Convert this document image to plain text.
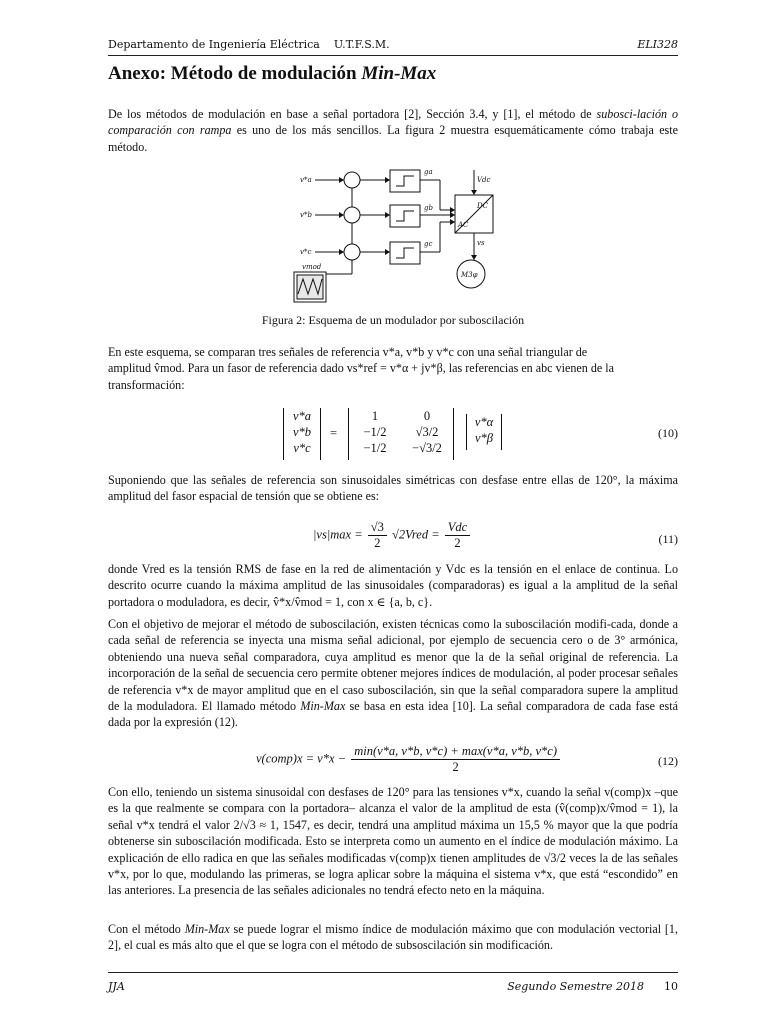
Departamento de Ingeniería Eléctrica    U.T.F.S.M.	ELI328
Anexo: Método de modulación Min-Max
De los métodos de modulación en base a señal portadora [2], Sección 3.4, y [1], el método de subosci-lación o comparación con rampa es uno de los más sencillos. La figura 2 muestra esquemáticamente cómo trabaja este método.
v*a
v*b
v*c
ga
gb
gc
vmod
Vdc
DC
AC
vs
M3φ
Figura 2: Esquema de un modulador por suboscilación
En este esquema, se comparan tres señales de referencia v*a, v*b y v*c con una señal triangular de
amplitud v̂mod. Para un fasor de referencia dado vs*ref = v*α + jv*β, las referencias en abc vienen de la
transformación:
v*a
v*b
v*c
=
1	0
−1/2	√3/2
−1/2	−√3/2
v*α
v*β	(10)
Suponiendo que las señales de referencia son sinusoidales simétricas con desfase entre ellas de 120°, la máxima amplitud del fasor espacial de tensión que se obtiene es:
$|vs|\max = \frac{√3}{2}$ √2Vred = $\frac{\text{Vdc}}{2}$	(11)
donde Vred es la tensión RMS de fase en la red de alimentación y Vdc es la tensión en el enlace de continua. Lo descrito ocurre cuando la máxima amplitud de las sinusoidales (comparadoras) es igual a la amplitud de la señal portadora o moduladora, es decir, v̂*x/v̂mod = 1, con x ∈ {a, b, c}.
Con el objetivo de mejorar el método de suboscilación, existen técnicas como la suboscilación modifi-cada, donde a cada señal de referencia se inyecta una misma señal adicional, por ejemplo de secuencia cero o de 3° armónica, obteniendo una nueva señal comparadora, cuya amplitud es menor que la de la señal original de referencia. La incorporación de la señal de secuencia cero permite obtener mejores índices de modulación, al poder procesar señales de referencia v*x de mayor amplitud que en el caso suboscilación, sin que la señal comparadora supere la amplitud de la moduladora. El llamado método Min-Max se basa en esta idea [10]. La señal comparadora de cada fase está dada por la expresión (12).
v(comp)x = $v*x - \frac{\min(v*a, v*b, v*c) + \max(v*a, v*b, v*c)}{2}$	(12)
Con ello, teniendo un sistema sinusoidal con desfases de 120° para las tensiones v*x, cuando la señal v(comp)x –que es la que realmente se compara con la portadora– alcanza el valor de la amplitud de esta (v̂(comp)x/v̂mod = 1), la señal v*x tendrá el valor 2/√3 ≈ 1, 1547, es decir, tendrá una amplitud máxima un 15,5 % mayor que la que podría obtenerse sin suboscilación modificada. Esto se interpreta como un aumento en el índice de modulación máximo. La explicación de ello radica en que las señales modificadas v(comp)x tienen amplitudes de √3/2 veces la de las señales v*x, por lo que, modulando las primeras, se logra aplicar sobre la máquina el sistema v*x, que está “escondido” en las anteriores. La presencia de las señales adicionales no tendrá efecto neto en la máquina.
Con el método Min-Max se puede lograr el mismo índice de modulación máximo que con modulación vectorial [1, 2], el cual es más alto que el que se logra con el método de subsoscilación sin modificación.
JJA	Segundo Semestre 2018 10
